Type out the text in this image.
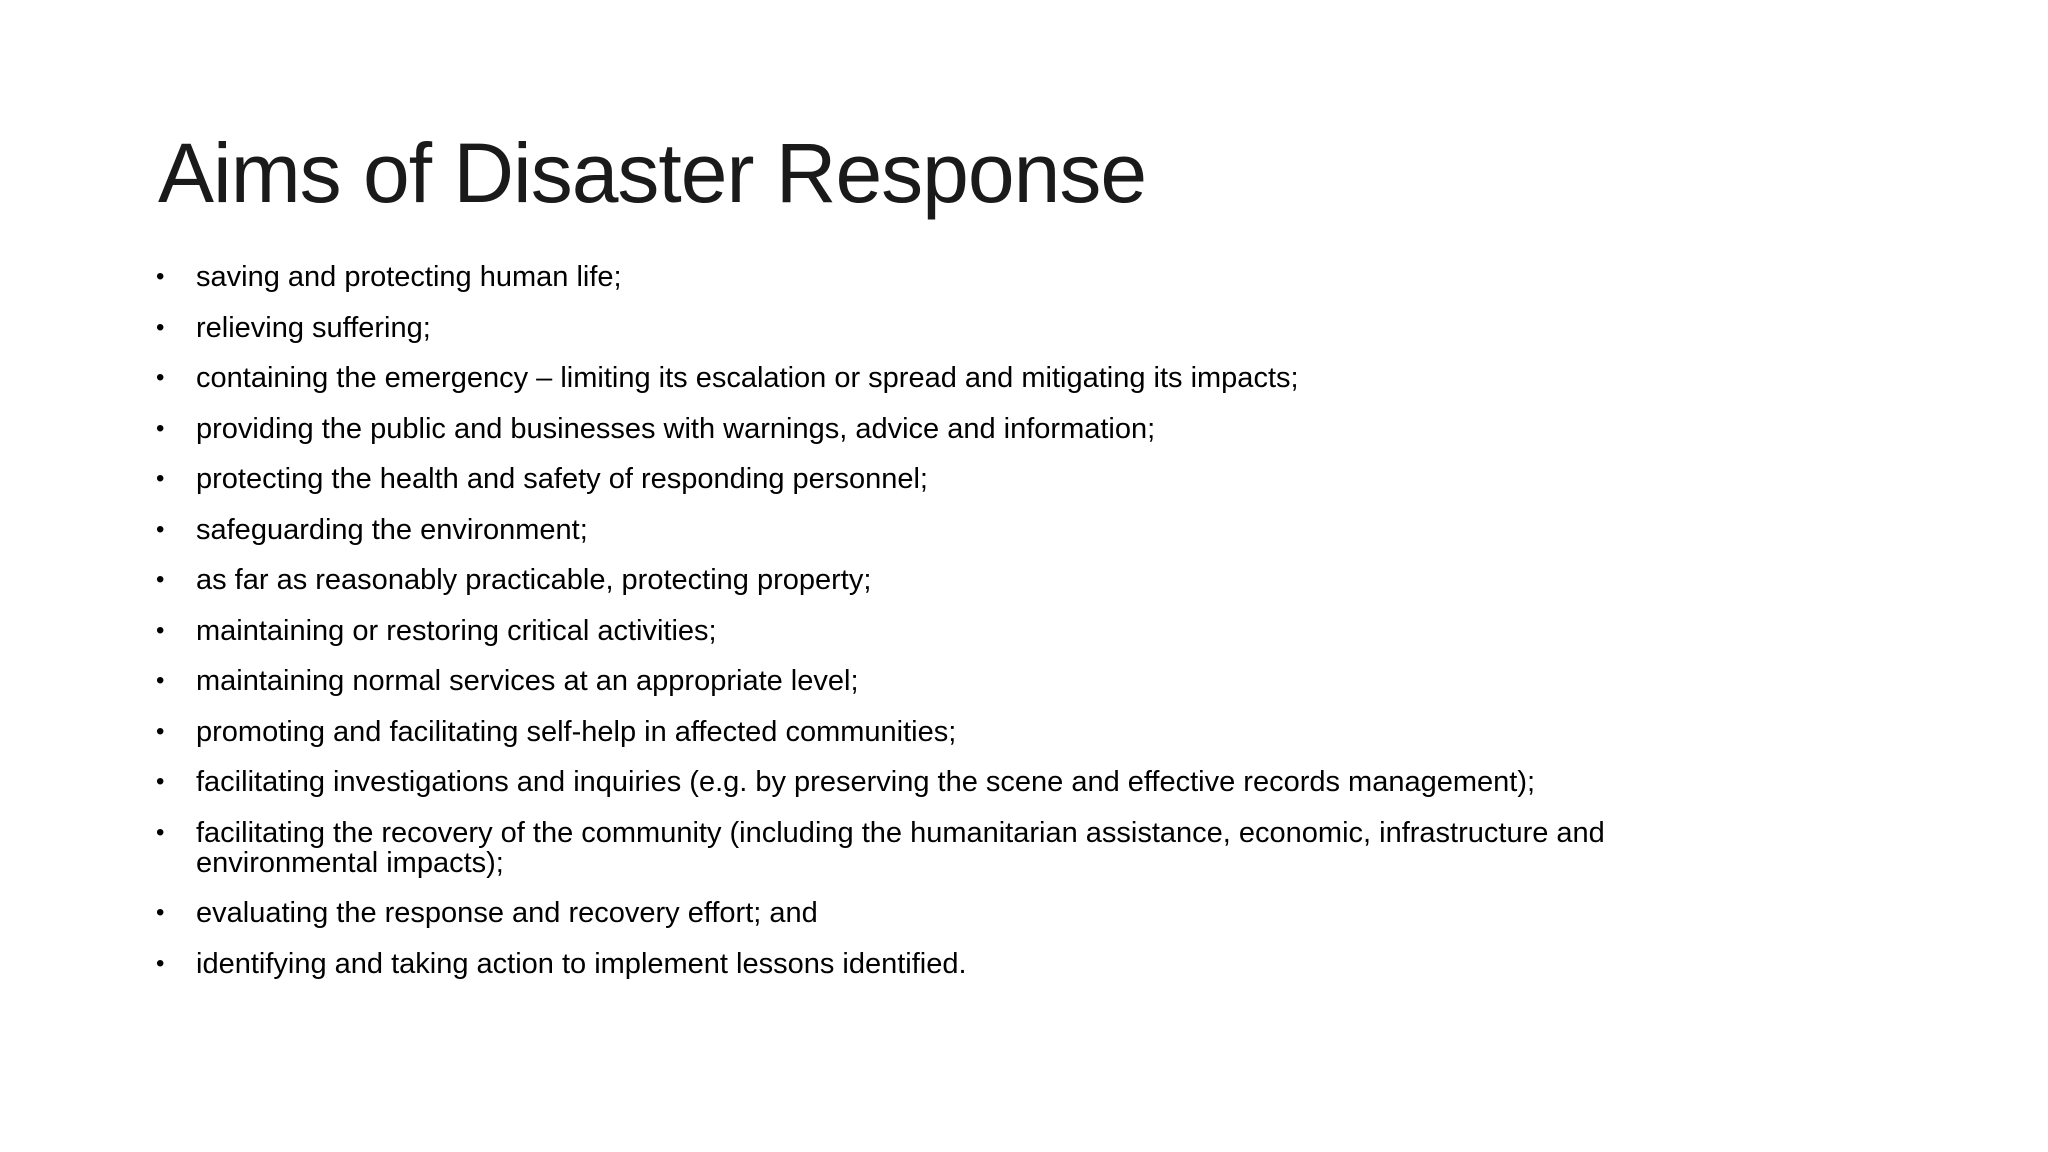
Aims of Disaster Response
• saving and protecting human life;
• relieving suffering;
• containing the emergency – limiting its escalation or spread and mitigating its impacts;
• providing the public and businesses with warnings, advice and information;
• protecting the health and safety of responding personnel;
• safeguarding the environment;
• as far as reasonably practicable, protecting property;
• maintaining or restoring critical activities;
• maintaining normal services at an appropriate level;
• promoting and facilitating self-help in affected communities;
• facilitating investigations and inquiries (e.g. by preserving the scene and effective records management);
• facilitating the recovery of the community (including the humanitarian assistance, economic, infrastructure and environmental impacts);
• evaluating the response and recovery effort; and
• identifying and taking action to implement lessons identified.
